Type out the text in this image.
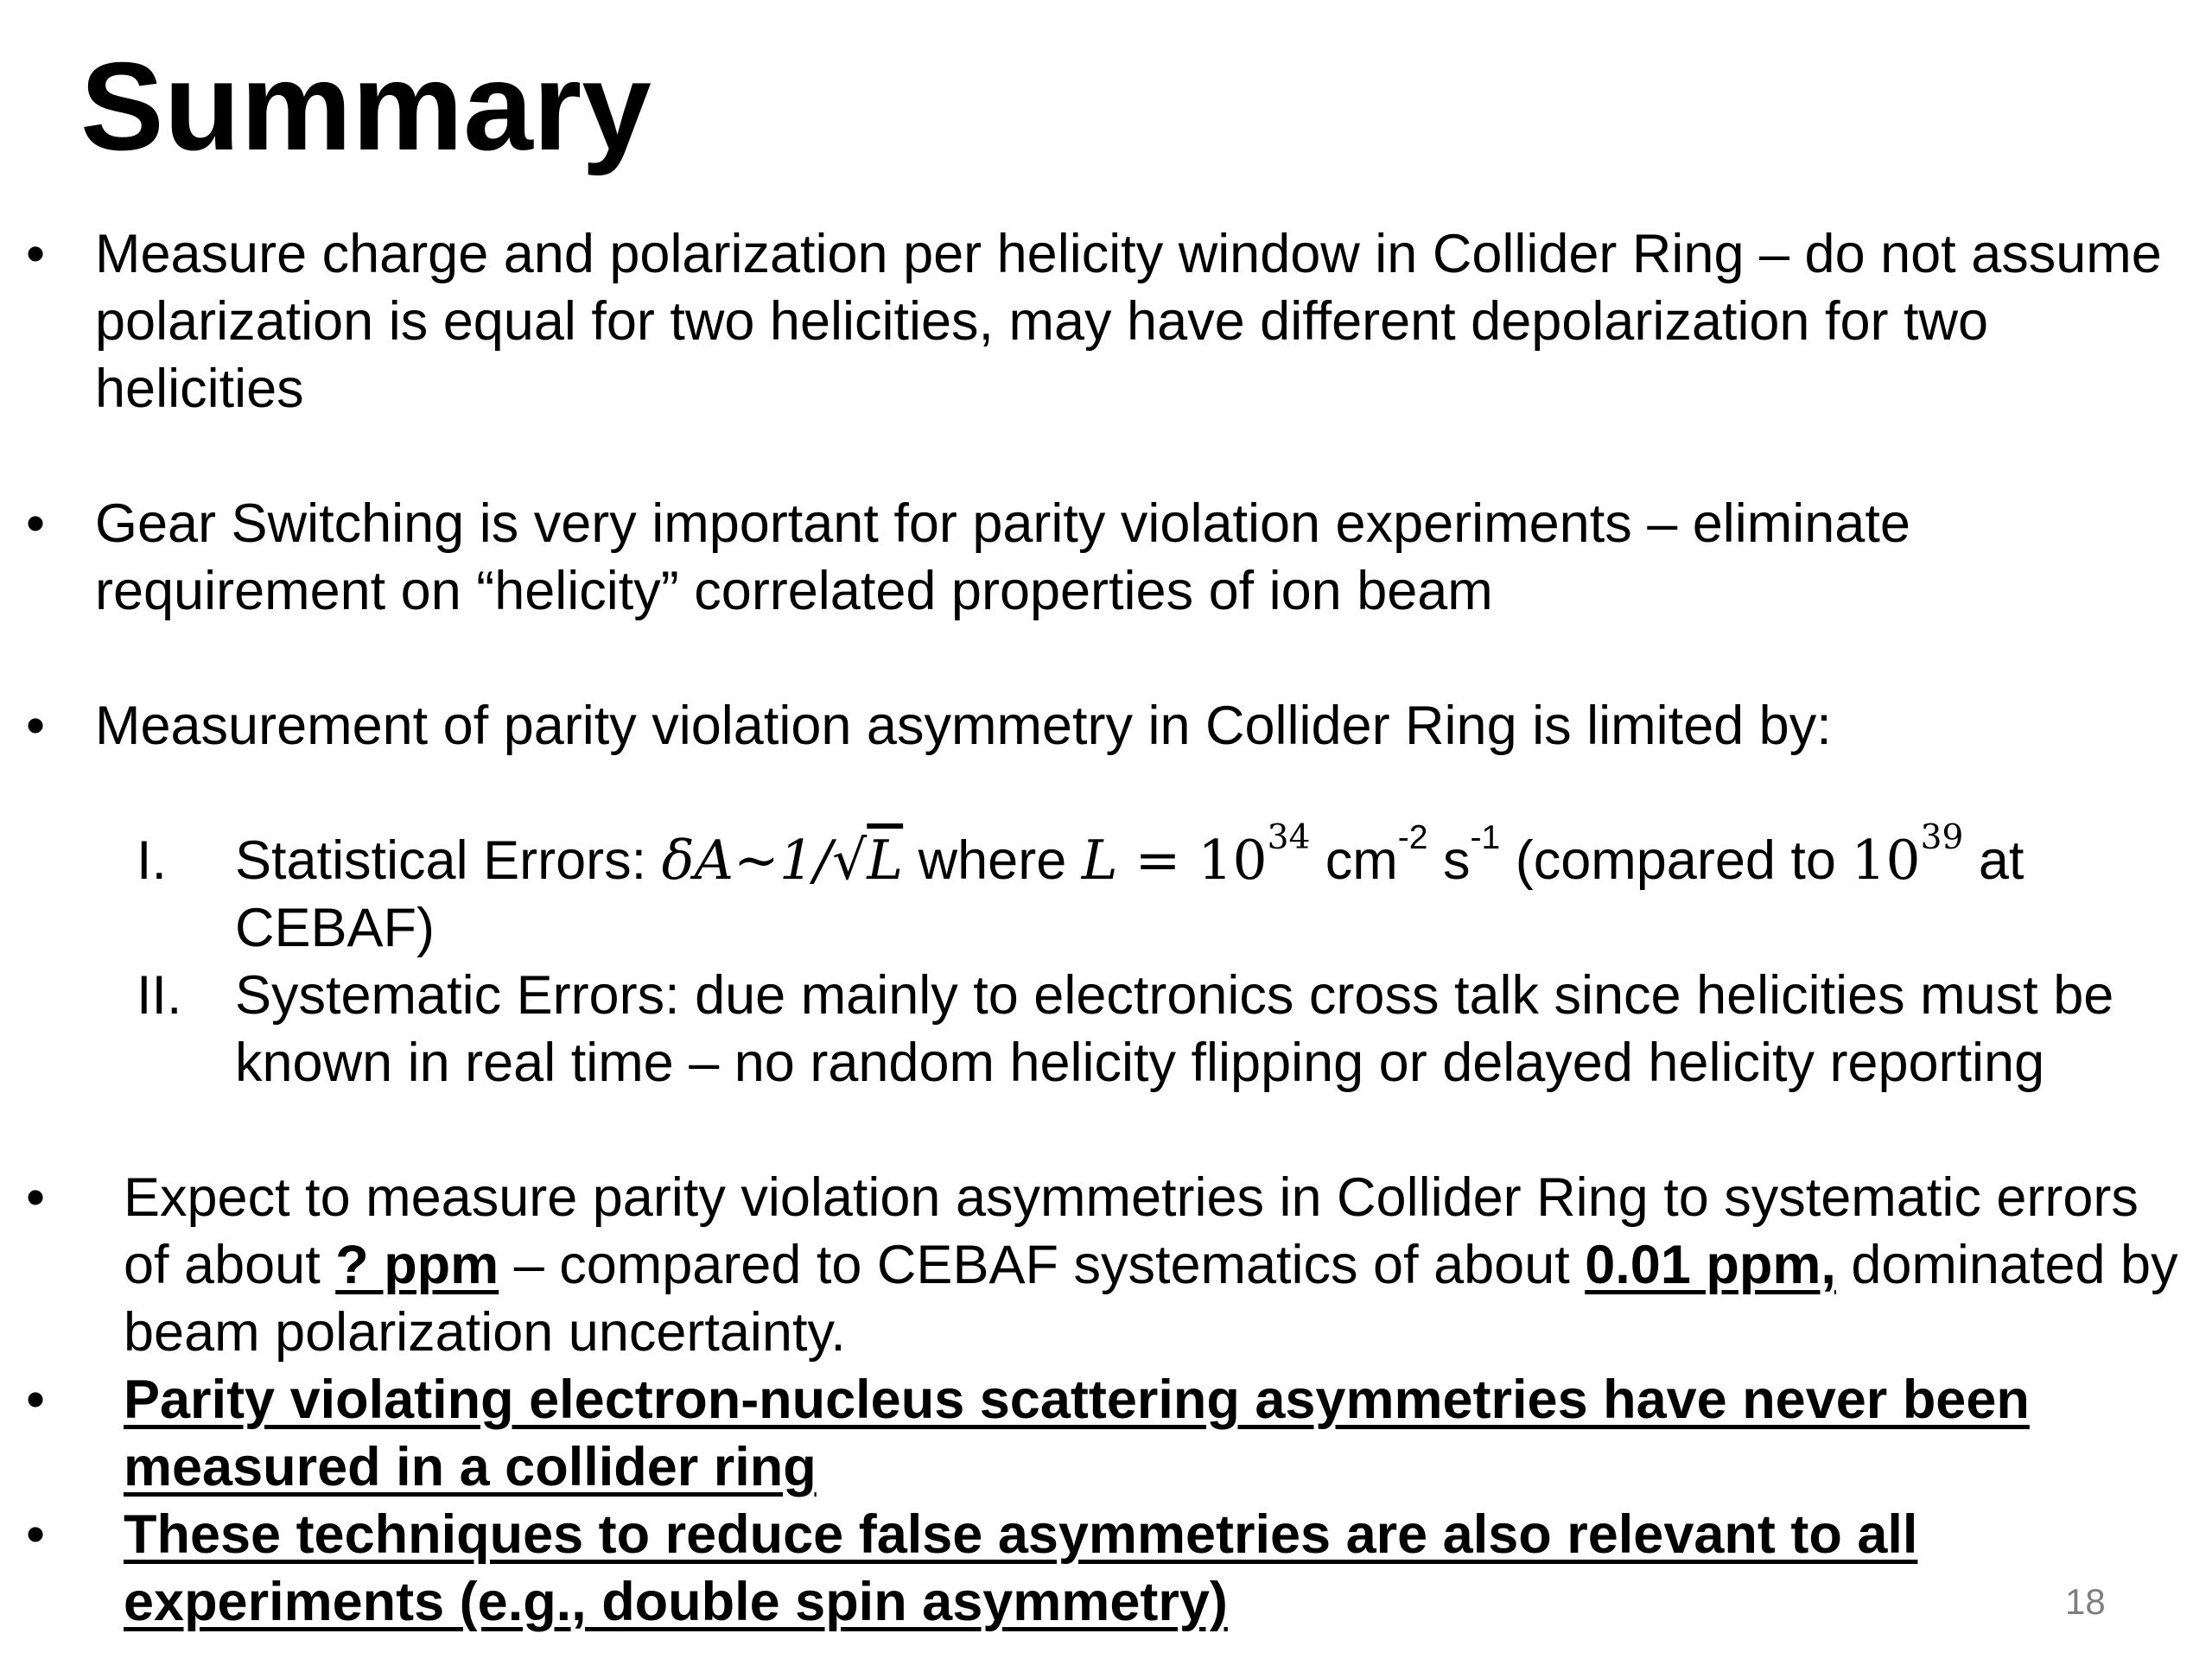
Summary
• Measure charge and polarization per helicity window in Collider Ring – do not assume polarization is equal for two helicities, may have different depolarization for two helicities
• Gear Switching is very important for parity violation experiments – eliminate requirement on “helicity” correlated properties of ion beam
• Measurement of parity violation asymmetry in Collider Ring is limited by:
I. Statistical Errors: δA~1/√L where $L = 10^{34}$ $cm^{-2}$ $s^{-1}$ (compared to $10^{39}$ at CEBAF)
II. Systematic Errors: due mainly to electronics cross talk since helicities must be known in real time – no random helicity flipping or delayed helicity reporting
• Expect to measure parity violation asymmetries in Collider Ring to systematic errors of about ? ppm – compared to CEBAF systematics of about 0.01 ppm, dominated by beam polarization uncertainty.
• Parity violating electron-nucleus scattering asymmetries have never been measured in a collider ring
• These techniques to reduce false asymmetries are also relevant to all experiments (e.g., double spin asymmetry)	18
